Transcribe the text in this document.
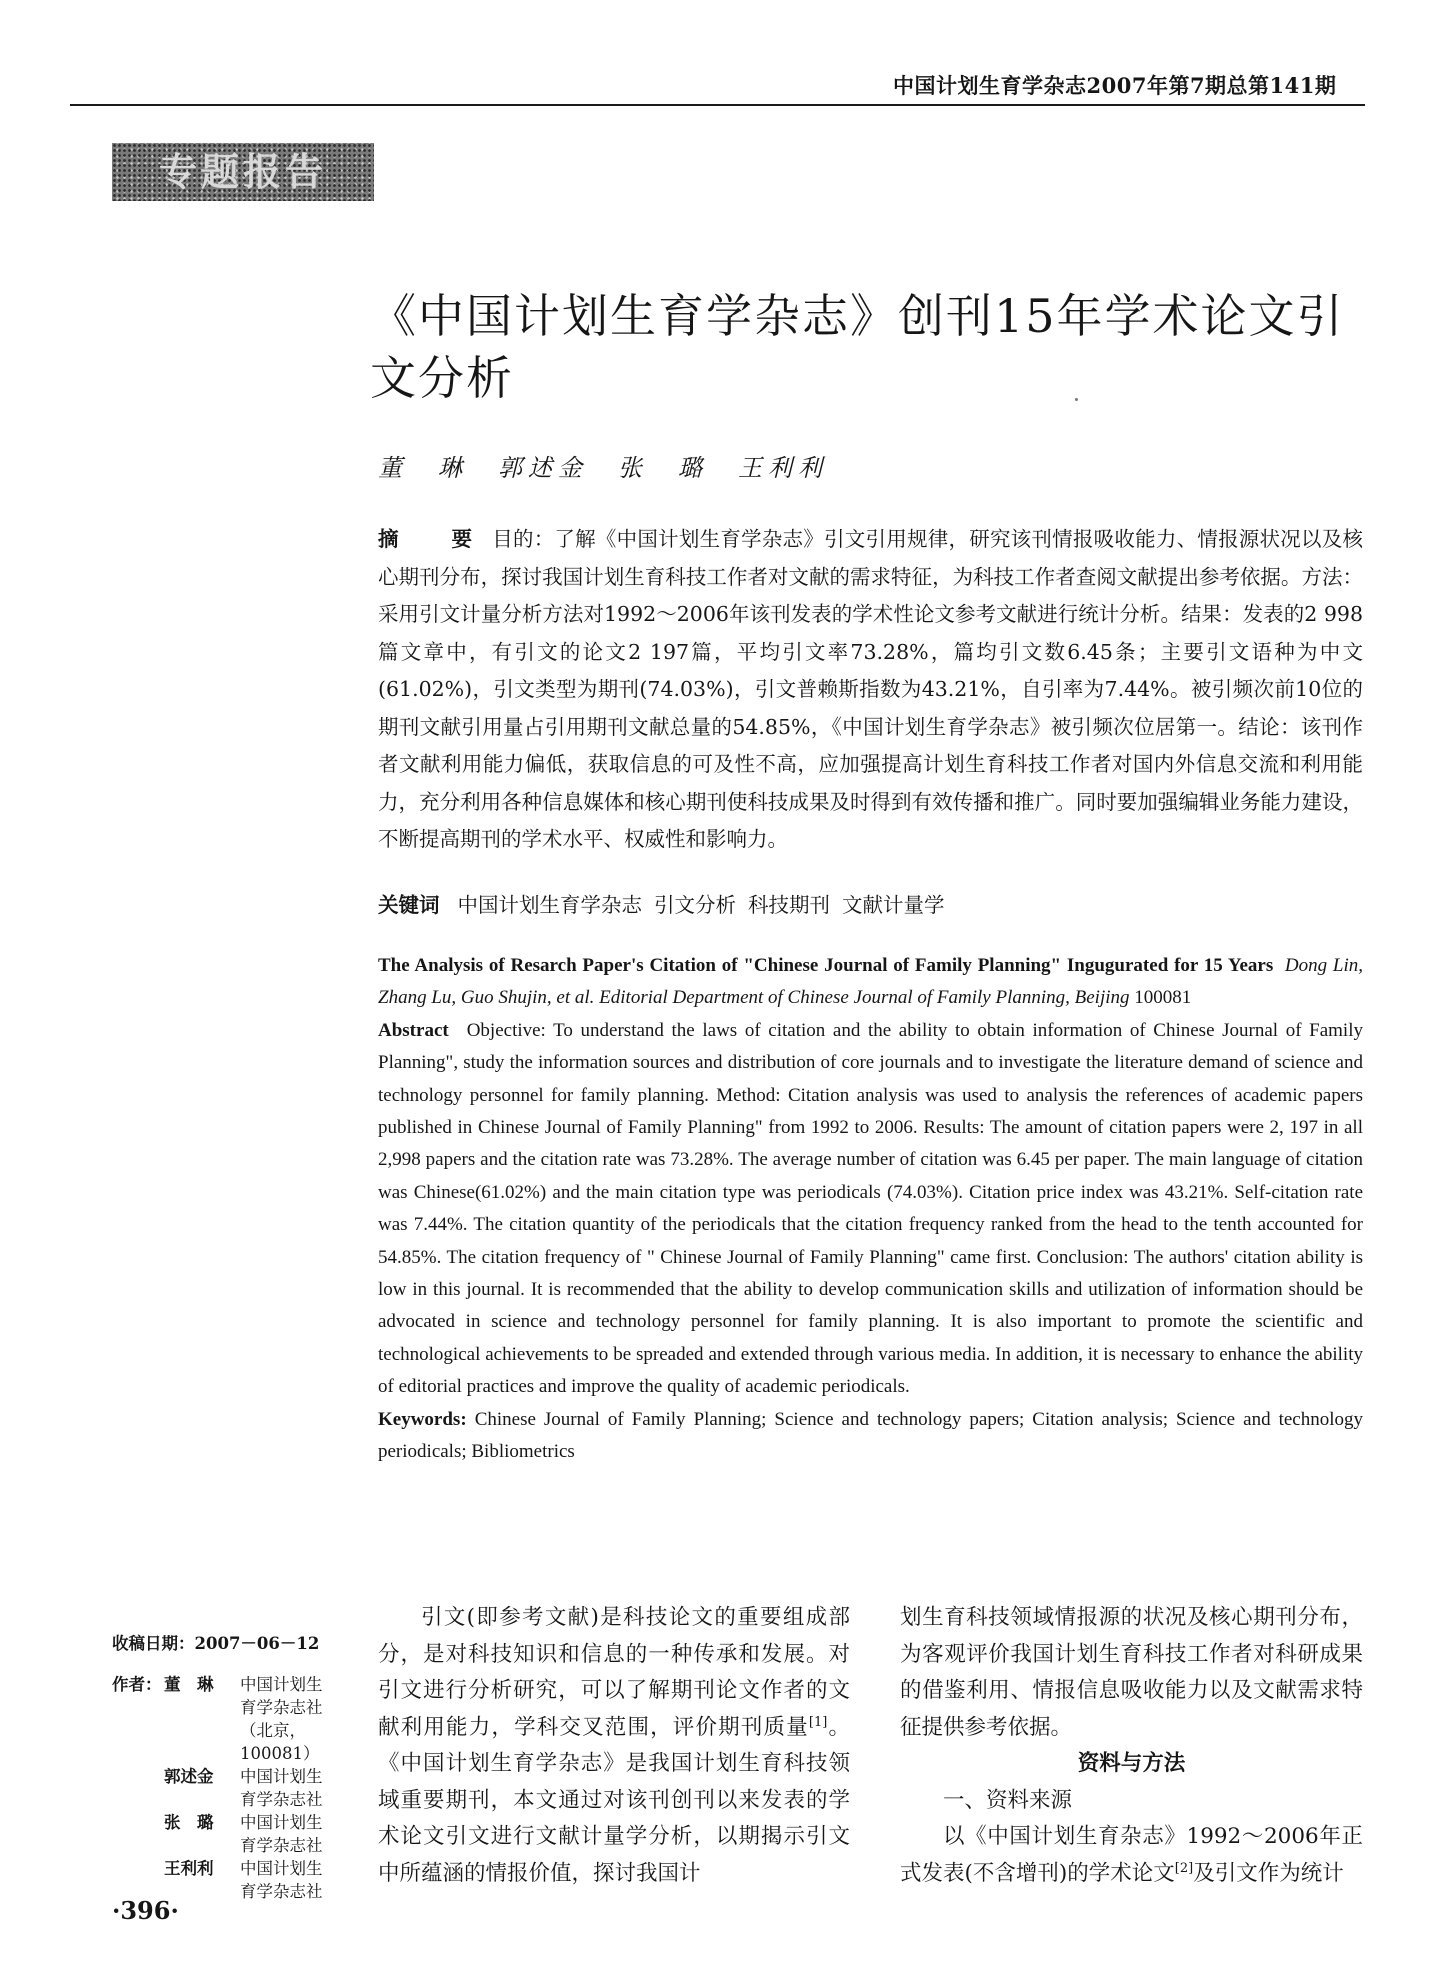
中国计划生育学杂志2007年第7期总第141期
专题报告
《中国计划生育学杂志》创刊15年学术论文引文分析
董　琳　郭述金　张　璐　王利利

摘　要 目的：了解《中国计划生育学杂志》引文引用规律，研究该刊情报吸收能力、情报源状况以及核心期刊分布，探讨我国计划生育科技工作者对文献的需求特征，为科技工作者查阅文献提出参考依据。方法：采用引文计量分析方法对1992～2006年该刊发表的学术性论文参考文献进行统计分析。结果：发表的2 998篇文章中，有引文的论文2 197篇，平均引文率73.28%，篇均引文数6.45条；主要引文语种为中文(61.02%)，引文类型为期刊(74.03%)，引文普赖斯指数为43.21%，自引率为7.44%。被引频次前10位的期刊文献引用量占引用期刊文献总量的54.85%，《中国计划生育学杂志》被引频次位居第一。结论：该刊作者文献利用能力偏低，获取信息的可及性不高，应加强提高计划生育科技工作者对国内外信息交流和利用能力，充分利用各种信息媒体和核心期刊使科技成果及时得到有效传播和推广。同时要加强编辑业务能力建设，不断提高期刊的学术水平、权威性和影响力。

关键词 中国计划生育学杂志 引文分析 科技期刊 文献计量学
The Analysis of Resarch Paper's Citation of "Chinese Journal of Family Planning" Ingugurated for 15 Years Dong Lin, Zhang Lu, Guo Shujin, et al. Editorial Department of Chinese Journal of Family Planning, Beijing 100081

Abstract Objective: To understand the laws of citation and the ability to obtain information of Chinese Journal of Family Planning", study the information sources and distribution of core journals and to investigate the literature demand of science and technology personnel for family planning. Method: Citation analysis was used to analysis the references of academic papers published in Chinese Journal of Family Planning" from 1992 to 2006. Results: The amount of citation papers were 2, 197 in all 2,998 papers and the citation rate was 73.28%. The average number of citation was 6.45 per paper. The main language of citation was Chinese(61.02%) and the main citation type was periodicals (74.03%). Citation price index was 43.21%. Self-citation rate was 7.44%. The citation quantity of the periodicals that the citation frequency ranked from the head to the tenth accounted for 54.85%. The citation frequency of " Chinese Journal of Family Planning" came first. Conclusion: The authors' citation ability is low in this journal. It is recommended that the ability to develop communication skills and utilization of information should be advocated in science and technology personnel for family planning. It is also important to promote the scientific and technological achievements to be spreaded and extended through various media. In addition, it is necessary to enhance the ability of editorial practices and improve the quality of academic periodicals.

Keywords: Chinese Journal of Family Planning; Science and technology papers; Citation analysis; Science and technology periodicals; Bibliometrics
收稿日期：2007－06－12
作者： 董　琳	中国计划生育学杂志社（北京，100081）
郭述金	中国计划生育学杂志社
张　璐	中国计划生育学杂志社
王利利	中国计划生育学杂志社

引文(即参考文献)是科技论文的重要组成部分，是对科技知识和信息的一种传承和发展。对引文进行分析研究，可以了解期刊论文作者的文献利用能力，学科交叉范围，评价期刊质量[1]。《中国计划生育学杂志》是我国计划生育科技领域重要期刊，本文通过对该刊创刊以来发表的学术论文引文进行文献计量学分析，以期揭示引文中所蕴涵的情报价值，探讨我国计

划生育科技领域情报源的状况及核心期刊分布，为客观评价我国计划生育科技工作者对科研成果的借鉴利用、情报信息吸收能力以及文献需求特征提供参考依据。
资料与方法
一、资料来源
以《中国计划生育杂志》1992～2006年正式发表(不含增刊)的学术论文[2]及引文作为统计
·396·
